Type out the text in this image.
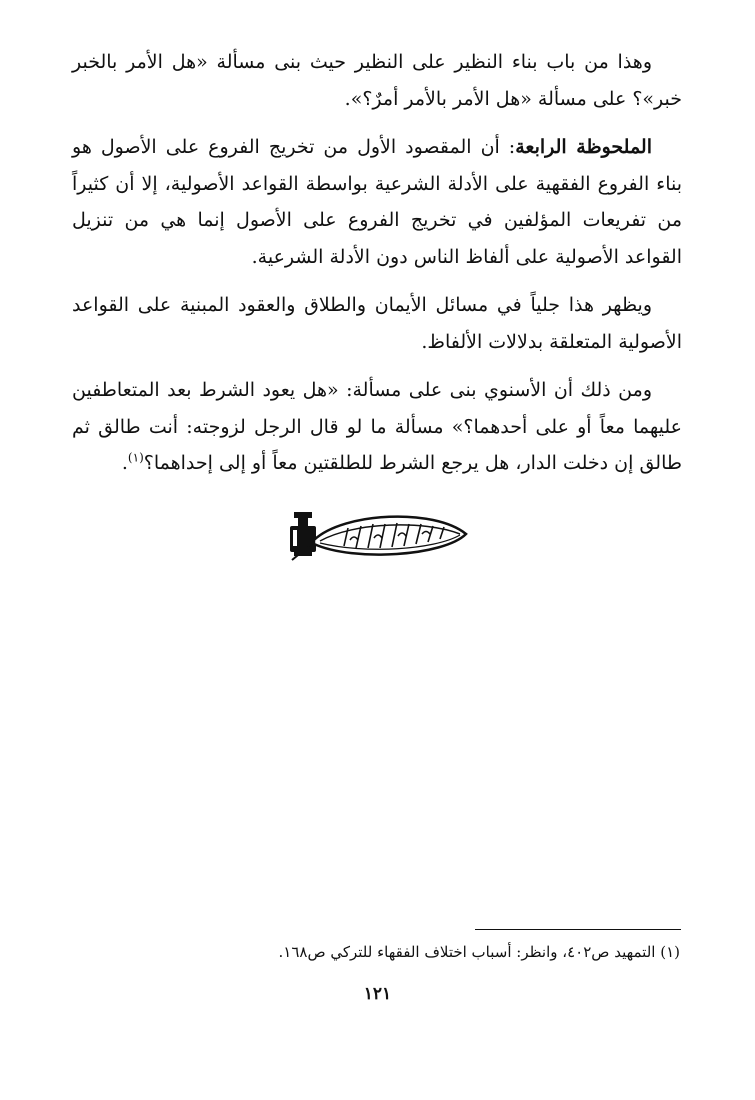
وهذا من باب بناء النظير على النظير حيث بنى مسألة «هل الأمر بالخبر خبر»؟ على مسألة «هل الأمر بالأمر أمرٌ؟».

الملحوظة الرابعة: أن المقصود الأول من تخريج الفروع على الأصول هو بناء الفروع الفقهية على الأدلة الشرعية بواسطة القواعد الأصولية، إلا أن كثيراً من تفريعات المؤلفين في تخريج الفروع على الأصول إنما هي من تنزيل القواعد الأصولية على ألفاظ الناس دون الأدلة الشرعية.

ويظهر هذا جلياً في مسائل الأيمان والطلاق والعقود المبنية على القواعد الأصولية المتعلقة بدلالات الألفاظ.

ومن ذلك أن الأسنوي بنى على مسألة: «هل يعود الشرط بعد المتعاطفين عليهما معاً أو على أحدهما؟» مسألة ما لو قال الرجل لزوجته: أنت طالق ثم طالق إن دخلت الدار، هل يرجع الشرط للطلقتين معاً أو إلى إحداهما؟$^{(١)}$.

(١) التمهيد ص٤٠٢، وانظر: أسباب اختلاف الفقهاء للتركي ص١٦٨.
١٢١
